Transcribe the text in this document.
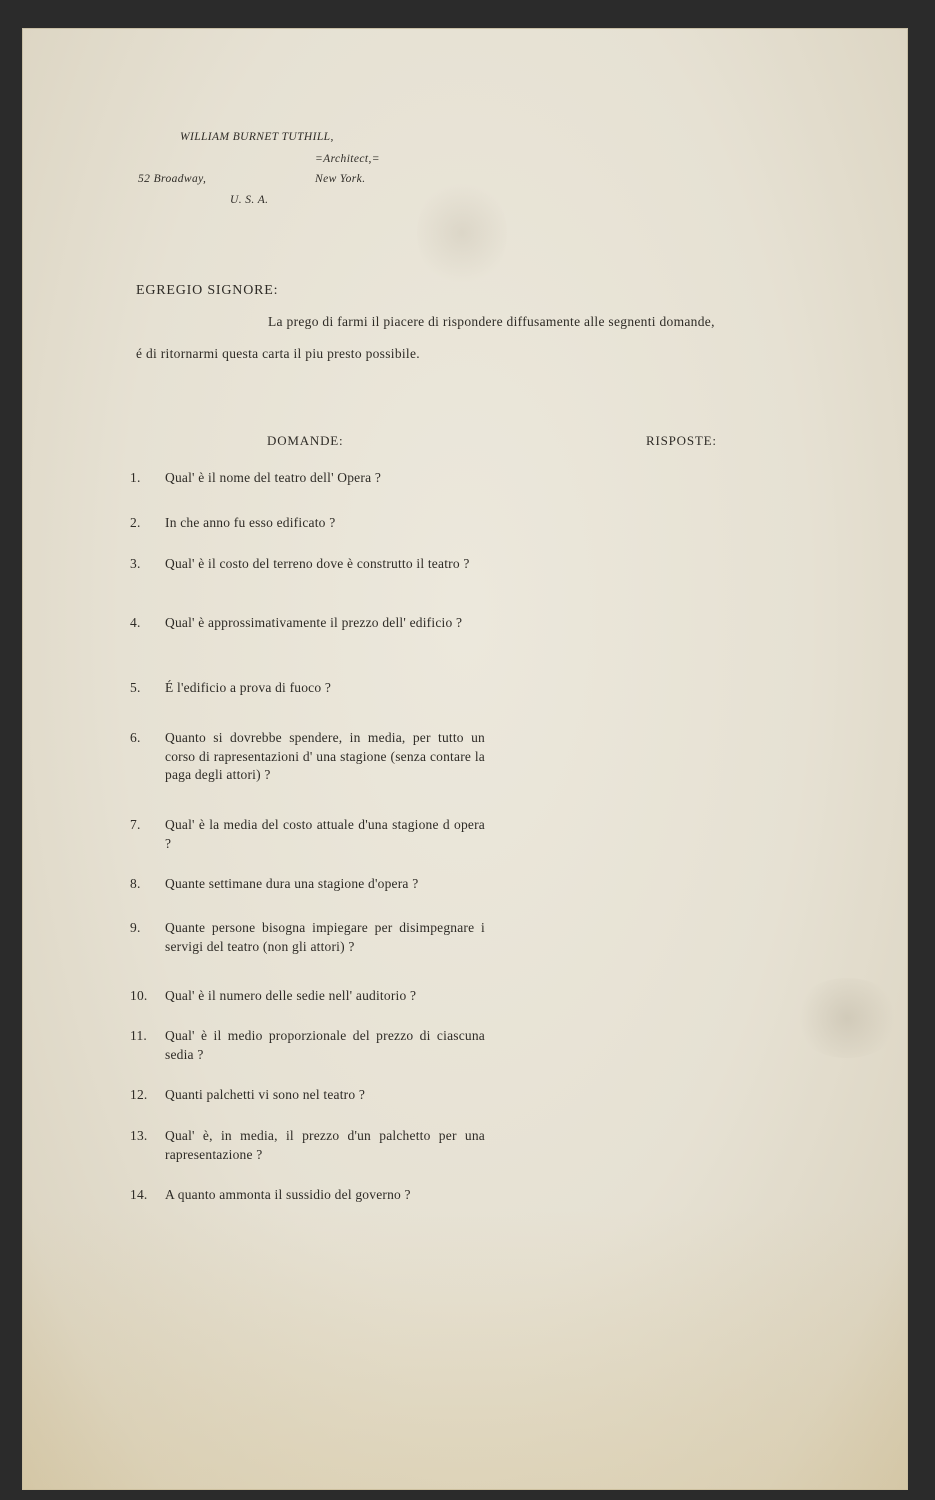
WILLIAM BURNET TUTHILL,
=Architect,=
52 Broadway,	New York.
U. S. A.
EGREGIO SIGNORE:
La prego di farmi il piacere di rispondere diffusamente alle segnenti domande,
é di ritornarmi questa carta il piu presto possibile.
DOMANDE:	RISPOSTE:
1.	Qual' è il nome del teatro dell' Opera ?
2.	In che anno fu esso edificato ?
3.	Qual' è il costo del terreno dove è construtto il teatro ?
4.	Qual' è approssimativamente il prezzo dell' edificio ?
5.	É l'edificio a prova di fuoco ?
6.	Quanto si dovrebbe spendere, in media, per tutto un corso di rapresentazioni d' una stagione (senza contare la paga degli attori) ?
7.	Qual' è la media del costo attuale d'una stagione d opera ?
8.	Quante settimane dura una stagione d'opera ?
9.	Quante persone bisogna impiegare per disimpegnare i servigi del teatro (non gli attori) ?
10.	Qual' è il numero delle sedie nell' auditorio ?
11.	Qual' è il medio proporzionale del prezzo di ciascuna sedia ?
12.	Quanti palchetti vi sono nel teatro ?
13.	Qual' è, in media, il prezzo d'un palchetto per una rapresentazione ?
14.	A quanto ammonta il sussidio del governo ?
